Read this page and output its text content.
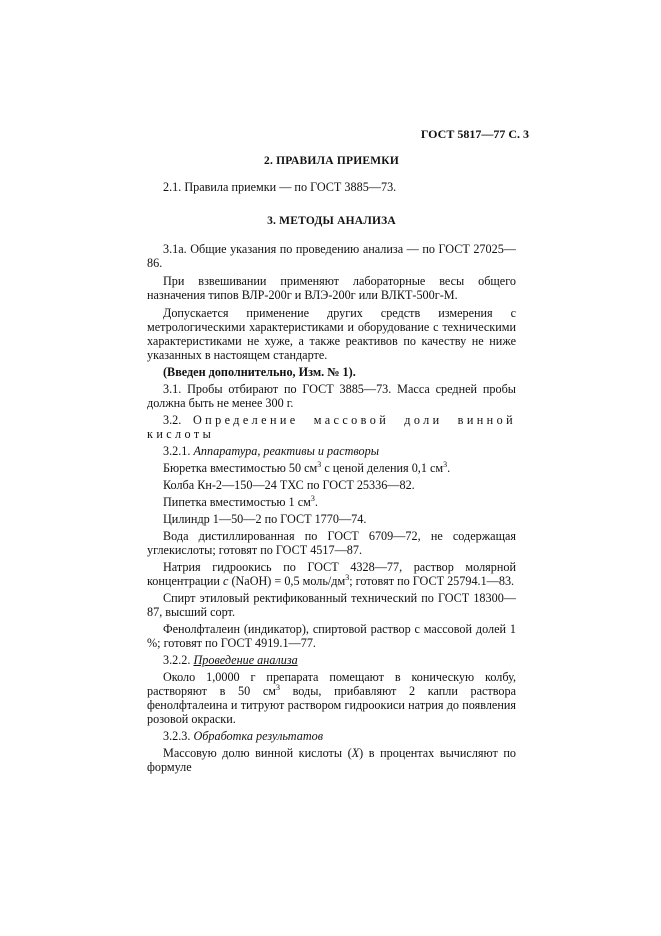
ГОСТ 5817—77 С. 3
2. ПРАВИЛА ПРИЕМКИ

2.1. Правила приемки — по ГОСТ 3885—73.

3. МЕТОДЫ АНАЛИЗА

3.1а. Общие указания по проведению анализа — по ГОСТ 27025—86.

При взвешивании применяют лабораторные весы общего назначения типов ВЛР-200г и ВЛЭ-200г или ВЛКТ-500г-М.

Допускается применение других средств измерения с метрологическими характеристиками и оборудование с техническими характеристиками не хуже, а также реактивов по качеству не ниже указанных в настоящем стандарте.

(Введен дополнительно, Изм. № 1).

3.1. Пробы отбирают по ГОСТ 3885—73. Масса средней пробы должна быть не менее 300 г.

3.2. Определение массовой доли винной кислоты

3.2.1. Аппаратура, реактивы и растворы

Бюретка вместимостью 50 $см^3$ с ценой деления 0,1 $см^3$.

Колба Кн-2—150—24 ТХС по ГОСТ 25336—82.

Пипетка вместимостью 1 $см^3$.

Цилиндр 1—50—2 по ГОСТ 1770—74.

Вода дистиллированная по ГОСТ 6709—72, не содержащая углекислоты; готовят по ГОСТ 4517—87.

Натрия гидроокись по ГОСТ 4328—77, раствор молярной концентрации c (NaOH) = 0,5 моль/$дм^3$; готовят по ГОСТ 25794.1—83.

Спирт этиловый ректификованный технический по ГОСТ 18300—87, высший сорт.

Фенолфталеин (индикатор), спиртовой раствор с массовой долей 1 %; готовят по ГОСТ 4919.1—77.

3.2.2. Проведение анализа

Около 1,0000 г препарата помещают в коническую колбу, растворяют в 50 $см^3$ воды, прибавляют 2 капли раствора фенолфталеина и титруют раствором гидроокиси натрия до появления розовой окраски.

3.2.3. Обработка результатов

Массовую долю винной кислоты (X) в процентах вычисляют по формуле
